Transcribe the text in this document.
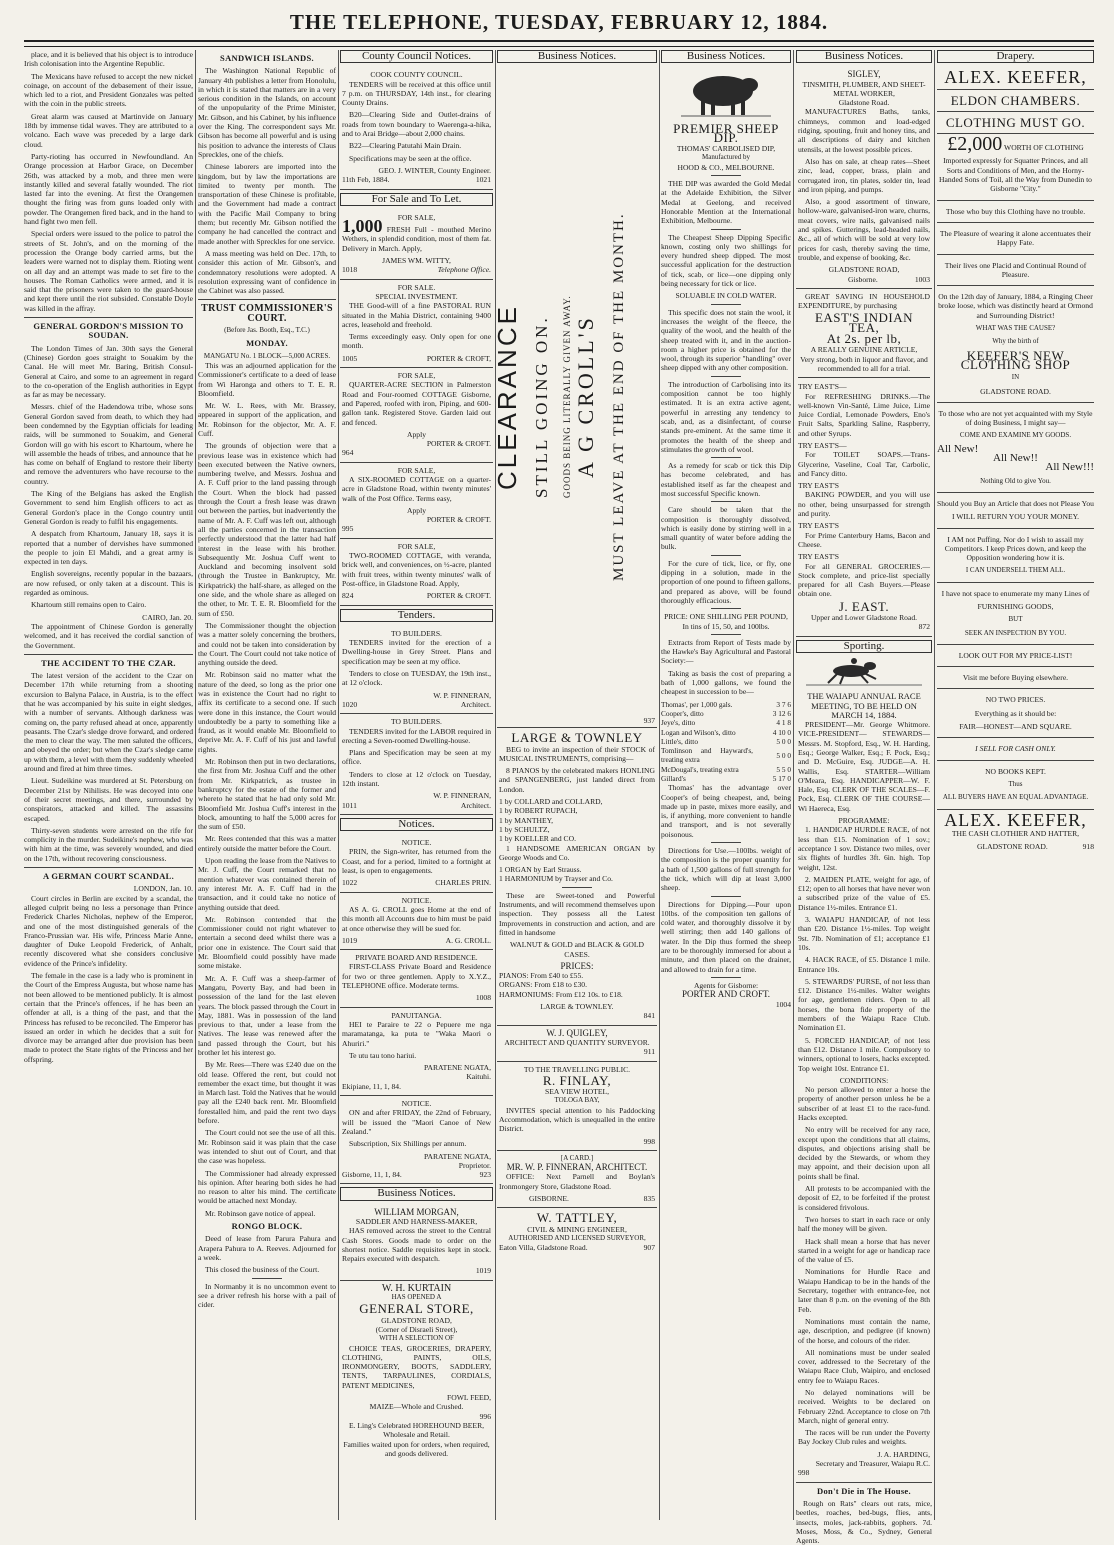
THE TELEPHONE, TUESDAY, FEBRUARY 12, 1884.

place, and it is believed that his object is to introduce Irish colonisation into the Argentine Republic.

The Mexicans have refused to accept the new nickel coinage, on account of the debasement of their issue, which led to a riot, and President Gonzales was pelted with the coin in the public streets.

Great alarm was caused at Martinvide on January 18th by immense tidal waves. They are attributed to a volcano. Each wave was preceded by a large dark cloud.

Party-rioting has occurred in Newfoundland. An Orange procession at Harbor Grace, on December 26th, was attacked by a mob, and three men were instantly killed and several fatally wounded. The riot lasted far into the evening. At first the Orangemen thought the firing was from guns loaded only with powder. The Orangemen fired back, and in the hand to hand fight two men fell.

Special orders were issued to the police to patrol the streets of St. John's, and on the morning of the procession the Orange body carried arms, but the leaders were warned not to display them. Rioting went on all day and an attempt was made to set fire to the houses. The Roman Catholics were armed, and it is said that the prisoners were taken to the guard-house and kept there until the riot subsided. Constable Doyle was killed in the affray.

GENERAL GORDON'S MISSION TO SOUDAN.

The London Times of Jan. 30th says the General (Chinese) Gordon goes straight to Souakim by the Canal. He will meet Mr. Baring, British Consul-General at Cairo, and some to an agreement in regard to the co-operation of the English authorities in Egypt as far as may be necessary.

Messrs. chief of the Hadendowa tribe, whose sons General Gordon saved from death, to which they had been condemned by the Egyptian officials for leading raids, will be summoned to Souakim, and General Gordon will go with his escort to Khartoum, where he will assemble the heads of tribes, and announce that he has come on behalf of England to restore their liberty and remove the adventurers who have recourse to the country.

The King of the Belgians has asked the English Government to send him English officers to act as General Gordon's place in the Congo country until General Gordon is ready to fulfil his engagements.

A despatch from Khartoum, January 18, says it is reported that a number of dervishes have summoned the people to join El Mahdi, and a great army is expected in ten days.

English sovereigns, recently popular in the bazaars, are now refused, or only taken at a discount. This is regarded as ominous.

Khartoum still remains open to Cairo.

CAIRO, Jan. 20.

The appointment of Chinese Gordon is generally welcomed, and it has received the cordial sanction of the Government.

THE ACCIDENT TO THE CZAR.

The latest version of the accident to the Czar on December 17th while returning from a shooting excursion to Balyna Palace, in Austria, is to the effect that he was accompanied by his suite in eight sledges, with a number of servants. Although darkness was coming on, the party refused ahead at once, apparently peasants. The Czar's sledge drove forward, and ordered the men to clear the way. The men saluted the officers, and obeyed the order; but when the Czar's sledge came up with them, a level with them they suddenly wheeled around and fired at him three times.

Lieut. Sudeikine was murdered at St. Petersburg on December 21st by Nihilists. He was decoyed into one of their secret meetings, and there, surrounded by conspirators, attacked and killed. The assassins escaped.

Thirty-seven students were arrested on the rife for complicity in the murder. Sudeikine's nephew, who was with him at the time, was severely wounded, and died on the 17th, without recovering consciousness.

A GERMAN COURT SCANDAL.
LONDON, Jan. 10.

Court circles in Berlin are excited by a scandal, the alleged culprit being no less a personage than Prince Frederick Charles Nicholas, nephew of the Emperor, and one of the most distinguished generals of the Franco-Prussian war. His wife, Princess Marie Anne, daughter of Duke Leopold Frederick, of Anhalt, recently discovered what she considers conclusive evidence of the Prince's infidelity.

The female in the case is a lady who is prominent in the Court of the Empress Augusta, but whose name has not been allowed to be mentioned publicly. It is almost certain that the Prince's offences, if he has been an offender at all, is a thing of the past, and that the Princess has refused to be reconciled. The Emperor has issued an order in which he decides that a suit for divorce may be arranged after due provision has been made to protect the State rights of the Princess and her offspring.

SANDWICH ISLANDS.

The Washington National Republic of January 4th publishes a letter from Honolulu, in which it is stated that matters are in a very serious condition in the Islands, on account of the unpopularity of the Prime Minister, Mr. Gibson, and his Cabinet, by his influence over the King. The correspondent says Mr. Gibson has become all powerful and is using his position to advance the interests of Claus Spreckles, one of the chiefs.

Chinese laborers are imported into the kingdom, but by law the importations are limited to twenty per month. The transportation of these Chinese is profitable, and the Government had made a contract with the Pacific Mail Company to bring them; but recently Mr. Gibson notified the company he had cancelled the contract and made another with Spreckles for one service.

A mass meeting was held on Dec. 17th, to consider this action of Mr. Gibson's, and condemnatory resolutions were adopted. A resolution expressing want of confidence in the Cabinet was also passed.

TRUST COMMISSIONER'S COURT.
(Before Jas. Booth, Esq., T.C.)
MONDAY.
MANGATU No. 1 BLOCK—5,000 ACRES.

This was an adjourned application for the Commissioner's certificate to a deed of lease from Wi Haronga and others to T. E. R. Bloomfield.

Mr. W. L. Rees, with Mr. Brassey, appeared in support of the application, and Mr. Robinson for the objector, Mr. A. F. Cuff.

The grounds of objection were that a previous lease was in existence which had been executed between the Native owners, numbering twelve, and Messrs. Joshua and A. F. Cuff prior to the land passing through the Court. When the block had passed through the Court a fresh lease was drawn out between the parties, but inadvertently the name of Mr. A. F. Cuff was left out, although all the parties concerned in the transaction perfectly understood that the latter had half interest in the lease with his brother. Subsequently Mr. Joshua Cuff went to Auckland and becoming insolvent sold (through the Trustee in Bankruptcy, Mr. Kirkpatrick) the half-share, as alleged on the one side, and the whole share as alleged on the other, to Mr. T. E. R. Bloomfield for the sum of £50.

The Commissioner thought the objection was a matter solely concerning the brothers, and could not be taken into consideration by the Court. The Court could not take notice of anything outside the deed.

Mr. Robinson said no matter what the nature of the deed, so long as the prior one was in existence the Court had no right to affix its certificate to a second one. If such were done in this instance, the Court would undoubtedly be a party to something like a fraud, as it would enable Mr. Bloomfield to deprive Mr. A. F. Cuff of his just and lawful rights.

Mr. Robinson then put in two declarations, the first from Mr. Joshua Cuff and the other from Mr. Kirkpatrick, as trustee in bankruptcy for the estate of the former and whereto he stated that he had only sold Mr. Bloomfield Mr. Joshua Cuff's interest in the block, amounting to half the 5,000 acres for the sum of £50.

Mr. Rees contended that this was a matter entirely outside the matter before the Court.

Upon reading the lease from the Natives to Mr. J. Cuff, the Court remarked that no mention whatever was contained therein of any interest Mr. A. F. Cuff had in the transaction, and it could take no notice of anything outside that deed.

Mr. Robinson contended that the Commissioner could not right whatever to entertain a second deed whilst there was a prior one in existence. The Court said that Mr. Bloomfield could possibly have made some mistake.

Mr. A. F. Cuff was a sheep-farmer of Mangatu, Poverty Bay, and had been in possession of the land for the last eleven years. The block passed through the Court in May, 1881. Was in possession of the land previous to that, under a lease from the Natives. The lease was renewed after the land passed through the Court, but his brother let his interest go.

By Mr. Rees—There was £240 due on the old lease. Offered the rent, but could not remember the exact time, but thought it was in March last. Told the Natives that he would pay all the £240 back rent. Mr. Bloomfield forestalled him, and paid the rent two days before.

The Court could not see the use of all this. Mr. Robinson said it was plain that the case was intended to shut out of Court, and that the case was hopeless.

The Commissioner had already expressed his opinion. After hearing both sides he had no reason to alter his mind. The certificate would be attached next Monday.

Mr. Robinson gave notice of appeal.

RONGO BLOCK.

Deed of lease from Parura Pahura and Arapera Pahura to A. Reeves. Adjourned for a week.

This closed the business of the Court.

In Normanby it is no uncommon event to see a driver refresh his horse with a pail of cider.

County Council Notices.
COOK COUNTY COUNCIL.

TENDERS will be received at this office until 7 p.m. on THURSDAY, 14th inst., for clearing County Drains.

B20—Clearing Side and Outlet-drains of roads from town boundary to Waerenga-a-hika, and to Arai Bridge—about 2,000 chains.

B22—Clearing Patutahi Main Drain.

Specifications may be seen at the office.

GEO. J. WINTER, County Engineer.
11th Feb, 1884.	1021
For Sale and To Let.
FOR SALE,

1,000 FRESH Full - mouthed Merino Wethers, in splendid condition, most of them fat. Delivery in March. Apply,

JAMES WM. WITTY,
1018	Telephone Office.
FOR SALE.
SPECIAL INVESTMENT.

THE Good-will of a fine PASTORAL RUN situated in the Mahia District, containing 9400 acres, leasehold and freehold.

Terms exceedingly easy. Only open for one month.

1005	PORTER & CROFT,
FOR SALE,

QUARTER-ACRE SECTION in Palmerston Road and Four-roomed COTTAGE Gisborne, and Papered, roofed with iron, Piping, and 600-gallon tank. Registered Stove. Garden laid out and fenced.

Apply
PORTER & CROFT.
964
FOR SALE,

A SIX-ROOMED COTTAGE on a quarter-acre in Gladstone Road, within twenty minutes' walk of the Post Office. Terms easy,

Apply
PORTER & CROFT.
995
FOR SALE,

TWO-ROOMED COTTAGE, with veranda, brick well, and conveniences, on ½-acre, planted with fruit trees, within twenty minutes' walk of Post-office, in Gladstone Road. Apply,

824	PORTER & CROFT.
Tenders.
TO BUILDERS.

TENDERS invited for the erection of a Dwelling-house in Grey Street. Plans and specification may be seen at my office.

Tenders to close on TUESDAY, the 19th inst., at 12 o'clock.

W. P. FINNERAN,
1020	Architect.
TO BUILDERS.

TENDERS invited for the LABOR required in erecting a Seven-roomed Dwelling-house.

Plans and Specification may be seen at my office.

Tenders to close at 12 o'clock on Tuesday, 12th instant.

W. P. FINNERAN,
1011	Architect.
Notices.
NOTICE.

PRIN, the Sign-writer, has returned from the Coast, and for a period, limited to a fortnight at least, is open to engagements.

1022	CHARLES PRIN.
NOTICE.

AS A. G. CROLL goes Home at the end of this month all Accounts due to him must be paid at once otherwise they will be sued for.

1019	A. G. CROLL.
PRIVATE BOARD AND RESIDENCE.

FIRST-CLASS Private Board and Residence for two or three gentlemen. Apply to X.Y.Z., TELEPHONE office. Moderate terms.

1008
PANUITANGA.

HEI te Paraire te 22 o Pepuere me nga maramatanga, ka puta te "Waka Maori o Ahuriri."

Te utu tau tono hariui.

PARATENE NGATA,
Kaituhi.
Ekipiane, 11, 1, 84.
NOTICE.

ON and after FRIDAY, the 22nd of February, will be issued the "Maori Canoe of New Zealand."

Subscription, Six Shillings per annum.

PARATENE NGATA,
Proprietor.
Gisborne, 11, 1, 84.	923
Business Notices.
WILLIAM MORGAN,
SADDLER AND HARNESS-MAKER,

HAS removed across the street to the Central Cash Stores. Goods made to order on the shortest notice. Saddle requisites kept in stock. Repairs executed with despatch.

1019
W. H. KURTAIN
HAS OPENED A
GENERAL STORE,
GLADSTONE ROAD,
(Corner of Disraeli Street),
WITH A SELECTION OF

CHOICE TEAS, GROCERIES, DRAPERY, CLOTHING, PAINTS, OILS, IRONMONGERY, BOOTS, SADDLERY, TENTS, TARPAULINES, CORDIALS, PATENT MEDICINES,

FOWL FEED,
MAIZE—Whole and Crushed.
996
E. Ling's Celebrated HOREHOUND BEER, Wholesale and Retail.
Families waited upon for orders, when required, and goods delivered.
Business Notices.
CLEARANCE STILL GOING ON. GOODS BEING LITERALLY GIVEN AWAY. A G CROLL'S MUST LEAVE AT THE END OF THE MONTH.
937
LARGE & TOWNLEY

BEG to invite an inspection of their STOCK of MUSICAL INSTRUMENTS, comprising—

8 PIANOS by the celebrated makers HONLING and SPANGENBERG, just landed direct from London.

1 by COLLARD and COLLARD,
1 by ROBERT RUPACH,
1 by MANTHEY,
1 by SCHULTZ,
1 by KOELLER and CO.

1 HANDSOME AMERICAN ORGAN by George Woods and Co.

1 ORGAN by Earl Strauss.
1 HARMONIUM by Trayser and Co.

These are Sweet-toned and Powerful Instruments, and will recommend themselves upon inspection. They possess all the Latest Improvements in construction and action, and are fitted in handsome

WALNUT & GOLD and BLACK & GOLD CASES.
PRICES:
PIANOS: From £40 to £55.
ORGANS: From £18 to £30.
HARMONIUMS: From £12 10s. to £18.
LARGE & TOWNLEY.
841
W. J. QUIGLEY,
ARCHITECT AND QUANTITY SURVEYOR.
911
TO THE TRAVELLING PUBLIC.
R. FINLAY,
SEA VIEW HOTEL,
TOLOGA BAY,

INVITES special attention to his Paddocking Accommodation, which is unequalled in the entire District.

998
[A CARD.]
MR. W. P. FINNERAN, ARCHITECT.

OFFICE: Next Parnell and Boylan's Ironmongery Store, Gladstone Road.

GISBORNE.	835
W. TATTLEY,
CIVIL & MINING ENGINEER,
AUTHORISED AND LICENSED SURVEYOR,
Eaton Villa, Gladstone Road.	907
Business Notices.
PREMIER SHEEP DIP.
THOMAS' CARBOLISED DIP,
Manufactured by
HOOD & CO., MELBOURNE.

THE DIP was awarded the Gold Medal at the Adelaide Exhibition, the Silver Medal at Geelong, and received Honorable Mention at the International Exhibition, Melbourne.

The Cheapest Sheep Dipping Specific known, costing only two shillings for every hundred sheep dipped. The most successful application for the destruction of tick, scab, or lice—one dipping only being necessary for tick or lice.

SOLUABLE IN COLD WATER.

This specific does not stain the wool, it increases the weight of the fleece, the quality of the wool, and the health of the sheep treated with it, and in the auction-room a higher price is obtained for the wool, through its superior "handling" over sheep dipped with any other composition.

The introduction of Carbolising into its composition cannot be too highly estimated. It is an extra active agent, powerful in arresting any tendency to scab, and, as a disinfectant, of course stands pre-eminent. At the same time it promotes the health of the sheep and stimulates the growth of wool.

As a remedy for scab or tick this Dip has become celebrated, and has established itself as far the cheapest and most successful Specific known.

Care should be taken that the composition is thoroughly dissolved, which is easily done by stirring well in a small quantity of water before adding the bulk.

For the cure of tick, lice, or fly, one dipping in a solution, made in the proportion of one pound to fifteen gallons, and prepared as above, will be found thoroughly efficacious.

PRICE: ONE SHILLING PER POUND,
In tins of 15, 50, and 100lbs.

Extracts from Report of Tests made by the Hawke's Bay Agricultural and Pastoral Society:—

Taking as basis the cost of preparing a bath of 1,000 gallons, we found the cheapest in succession to be—

Thomas', per 1,000 gals.	3 7 6
Cooper's, ditto	3 12 6
Jeye's, ditto	4 1 8
Logan and Wilson's, ditto	4 10 0
Little's, ditto	5 0 0
Tomlinson and Hayward's, treating extra	5 0 0
McDougal's, treating extra	5 5 0
Gillard's	5 17 0

Thomas' has the advantage over Cooper's of being cheapest, and, being made up in paste, mixes more easily, and is, if anything, more convenient to handle and transport, and is not severally poisonous.

Directions for Use.—100lbs. weight of the composition is the proper quantity for a bath of 1,500 gallons of full strength for the tick, which will dip at least 3,000 sheep.

Directions for Dipping.—Pour upon 10lbs. of the composition ten gallons of cold water, and thoroughly dissolve it by well stirring; then add 140 gallons of water. In the Dip thus formed the sheep are to be thoroughly immersed for about a minute, and then placed on the drainer, and allowed to drain for a time.

Agents for Gisborne:
PORTER AND CROFT.
1004
Business Notices.
SIGLEY,
TINSMITH, PLUMBER, AND SHEET-METAL WORKER,
Gladstone Road.

MANUFACTURES Baths, tanks, chimneys, common and load-edged ridging, spouting, fruit and honey tins, and all descriptions of dairy and kitchen utensils, at the lowest possible prices.

Also has on sale, at cheap rates—Sheet zinc, lead, copper, brass, plain and corrugated iron, tin plates, solder tin, lead and iron piping, and pumps.

Also, a good assortment of tinware, hollow-ware, galvanised-iron ware, churns, meat covers, wire nails, galvanised nails and spikes. Gutterings, lead-headed nails, &c., all of which will be sold at very low prices for cash, thereby saving the time, trouble, and expense of booking, &c.

GLADSTONE ROAD,
Gisborne.	1003

GREAT SAVING IN HOUSEHOLD EXPENDITURE, by purchasing

EAST'S INDIAN TEA,
At 2s. per lb,
A REALLY GENUINE ARTICLE,
Very strong, both in liquor and flavor, and recommended to all for a trial.
TRY EAST'S—

For REFRESHING DRINKS.—The well-known Vin-Santé, Lime Juice, Lime Juice Cordial, Lemonade Powders, Eno's Fruit Salts, Sparkling Saline, Raspberry, and other Syrups.

TRY EAST'S—

For TOILET SOAPS.—Trans-Glycerine, Vaseline, Coal Tar, Carbolic, and Fancy ditto.

TRY EAST'S

BAKING POWDER, and you will use no other, being unsurpassed for strength and purity.

TRY EAST'S

For Prime Canterbury Hams, Bacon and Cheese.

TRY EAST'S

For all GENERAL GROCERIES.—Stock complete, and price-list specially prepared for all Cash Buyers.—Please obtain one.

J. EAST.
Upper and Lower Gladstone Road.
872
Sporting.
THE WAIAPU ANNUAL RACE MEETING, TO BE HELD ON MARCH 14, 1884.

PRESIDENT—Mr. George Whitmore. VICE-PRESIDENT— STEWARDS—Messrs. M. Stopford, Esq., W. H. Harding, Esq.; George Walker, Esq.; F. Pock, Esq.; and D. McGuire, Esq. JUDGE—A. H. Wallis, Esq. STARTER—William O'Meara, Esq. HANDICAPPER—W. F. Hale, Esq. CLERK OF THE SCALES—F. Pock, Esq. CLERK OF THE COURSE—Wi Haereca, Esq.

PROGRAMME:

1. HANDICAP HURDLE RACE, of not less than £15. Nomination of 1 sov.; acceptance 1 sov. Distance two miles, over six flights of hurdles 3ft. 6in. high. Top weight, 12st.

2. MAIDEN PLATE, weight for age, of £12; open to all horses that have never won a subscribed prize of the value of £5. Distance 1½-miles. Entrance £1.

3. WAIAPU HANDICAP, of not less than £20. Distance 1½-miles. Top weight 9st. 7lb. Nomination of £1; acceptance £1 10s.

4. HACK RACE, of £5. Distance 1 mile. Entrance 10s.

5. STEWARDS' PURSE, of not less than £12. Distance 1½-miles. Walter weights for age, gentlemen riders. Open to all horses, the bona fide property of the members of the Waiapu Race Club. Nomination £1.

5. FORCED HANDICAP, of not less than £12. Distance 1 mile. Compulsory to winners, optional to losers, hacks excepted. Top weight 10st. Entrance £1.

CONDITIONS:

No person allowed to enter a horse the property of another person unless he be a subscriber of at least £1 to the race-fund. Hacks excepted.

No entry will be received for any race, except upon the conditions that all claims, disputes, and objections arising shall be decided by the Stewards, or whom they may appoint, and their decision upon all points shall be final.

All protests to be accompanied with the deposit of £2, to be forfeited if the protest is considered frivolous.

Two horses to start in each race or only half the money will be given.

Hack shall mean a horse that has never started in a weight for age or handicap race of the value of £5.

Nominations for Hurdle Race and Waiapu Handicap to be in the hands of the Secretary, together with entrance-fee, not later than 8 p.m. on the evening of the 8th Feb.

Nominations must contain the name, age, description, and pedigree (if known) of the horse, and colours of the rider.

All nominations must be under sealed cover, addressed to the Secretary of the Waiapu Race Club, Waipiro, and enclosed entry fee to Waiapu Races.

No delayed nominations will be received. Weights to be declared on February 22nd. Acceptance to close on 7th March, night of general entry.

The races will be run under the Poverty Bay Jockey Club rules and weights.

J. A. HARDING,
Secretary and Treasurer, Waiapu R.C.
998
Don't Die in The House.

Rough on Rats" clears out rats, mice, beetles, roaches, bed-bugs, flies, ants, insects, moles, jack-rabbits, gophers. 7d. Moses, Moss, & Co., Sydney, General Agents.

Drapery.
ALEX. KEEFER,
ELDON CHAMBERS.
CLOTHING MUST GO.
£2,000 WORTH OF CLOTHING
Imported expressly for Squatter Princes, and all Sorts and Conditions of Men, and the Horny-Handed Sons of Toil, all the Way from Dunedin to Gisborne "City."
Those who buy this Clothing have no trouble.
The Pleasure of wearing it alone accentuates their Happy Fate.
Their lives one Placid and Continual Round of Pleasure.
On the 12th day of January, 1884, a Ringing Cheer broke loose, which was distinctly heard at Ormond and Surrounding District!
WHAT WAS THE CAUSE?
Why the birth of
KEEFER'S NEW CLOTHING SHOP
IN
GLADSTONE ROAD.
To those who are not yet acquainted with my Style of doing Business, I might say—
COME AND EXAMINE MY GOODS.
All New!
All New!!
All New!!!
Nothing Old to give You.
Should you Buy an Article that does not Please You
I WILL RETURN YOU YOUR MONEY.
I AM not Puffing. Nor do I wish to assail my Competitors. I keep Prices down, and keep the Opposition wondering how it is.
I CAN UNDERSELL THEM ALL.
I have not space to enumerate my many Lines of
FURNISHING GOODS,
BUT
SEEK AN INSPECTION BY YOU.
LOOK OUT FOR MY PRICE-LIST!
Visit me before Buying elsewhere.
NO TWO PRICES.
Everything as it should be:
FAIR—HONEST—AND SQUARE.
I SELL FOR CASH ONLY.
NO BOOKS KEPT.
Thus
ALL BUYERS HAVE AN EQUAL ADVANTAGE.
ALEX. KEEFER,
THE CASH CLOTHIER AND HATTER,
GLADSTONE ROAD.	918
